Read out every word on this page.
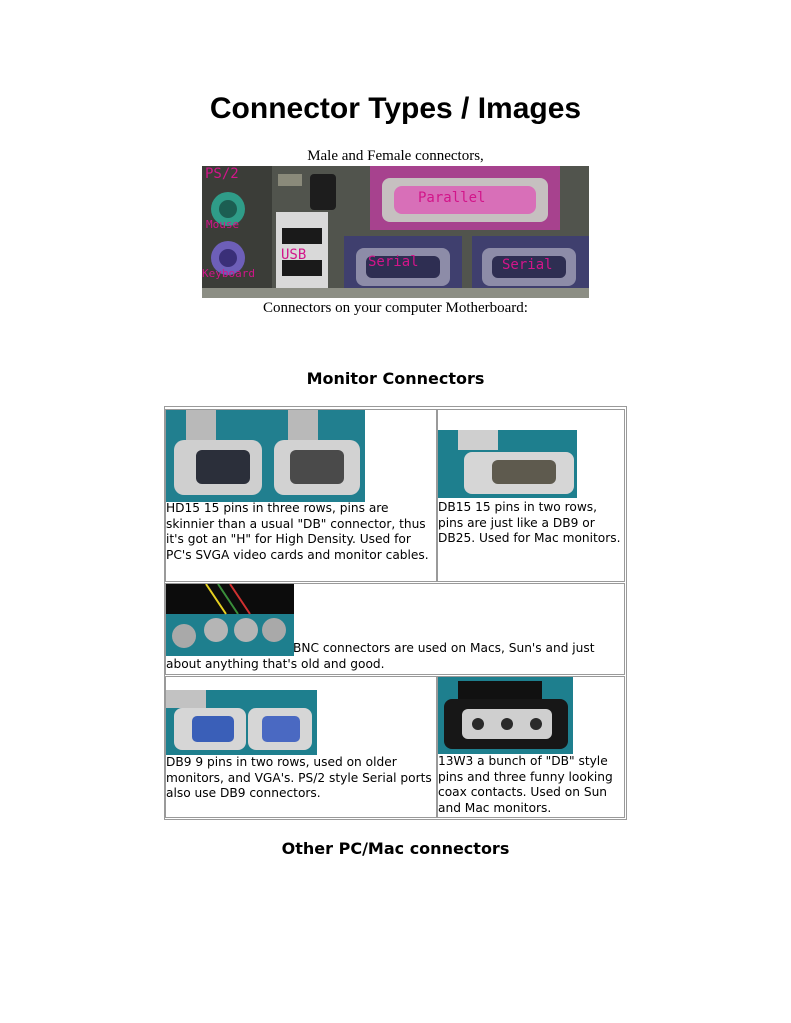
Connector Types / Images
Male and Female connectors,
PS/2
Mouse
Keyboard
USB
Parallel
Serial	Serial
Connectors on your computer Motherboard:
Monitor Connectors
HD15 15 pins in three rows, pins are skinnier than a usual "DB" connector, thus it's got an "H" for High Density. Used for PC's SVGA video cards and monitor cables.
DB15 15 pins in two rows, pins are just like a DB9 or DB25. Used for Mac monitors.
BNC connectors are used on Macs, Sun's and just about anything that's old and good.
DB9 9 pins in two rows, used on older monitors, and VGA's. PS/2 style Serial ports also use DB9 connectors.
13W3 a bunch of "DB" style pins and three funny looking coax contacts. Used on Sun and Mac monitors.
Other PC/Mac connectors
